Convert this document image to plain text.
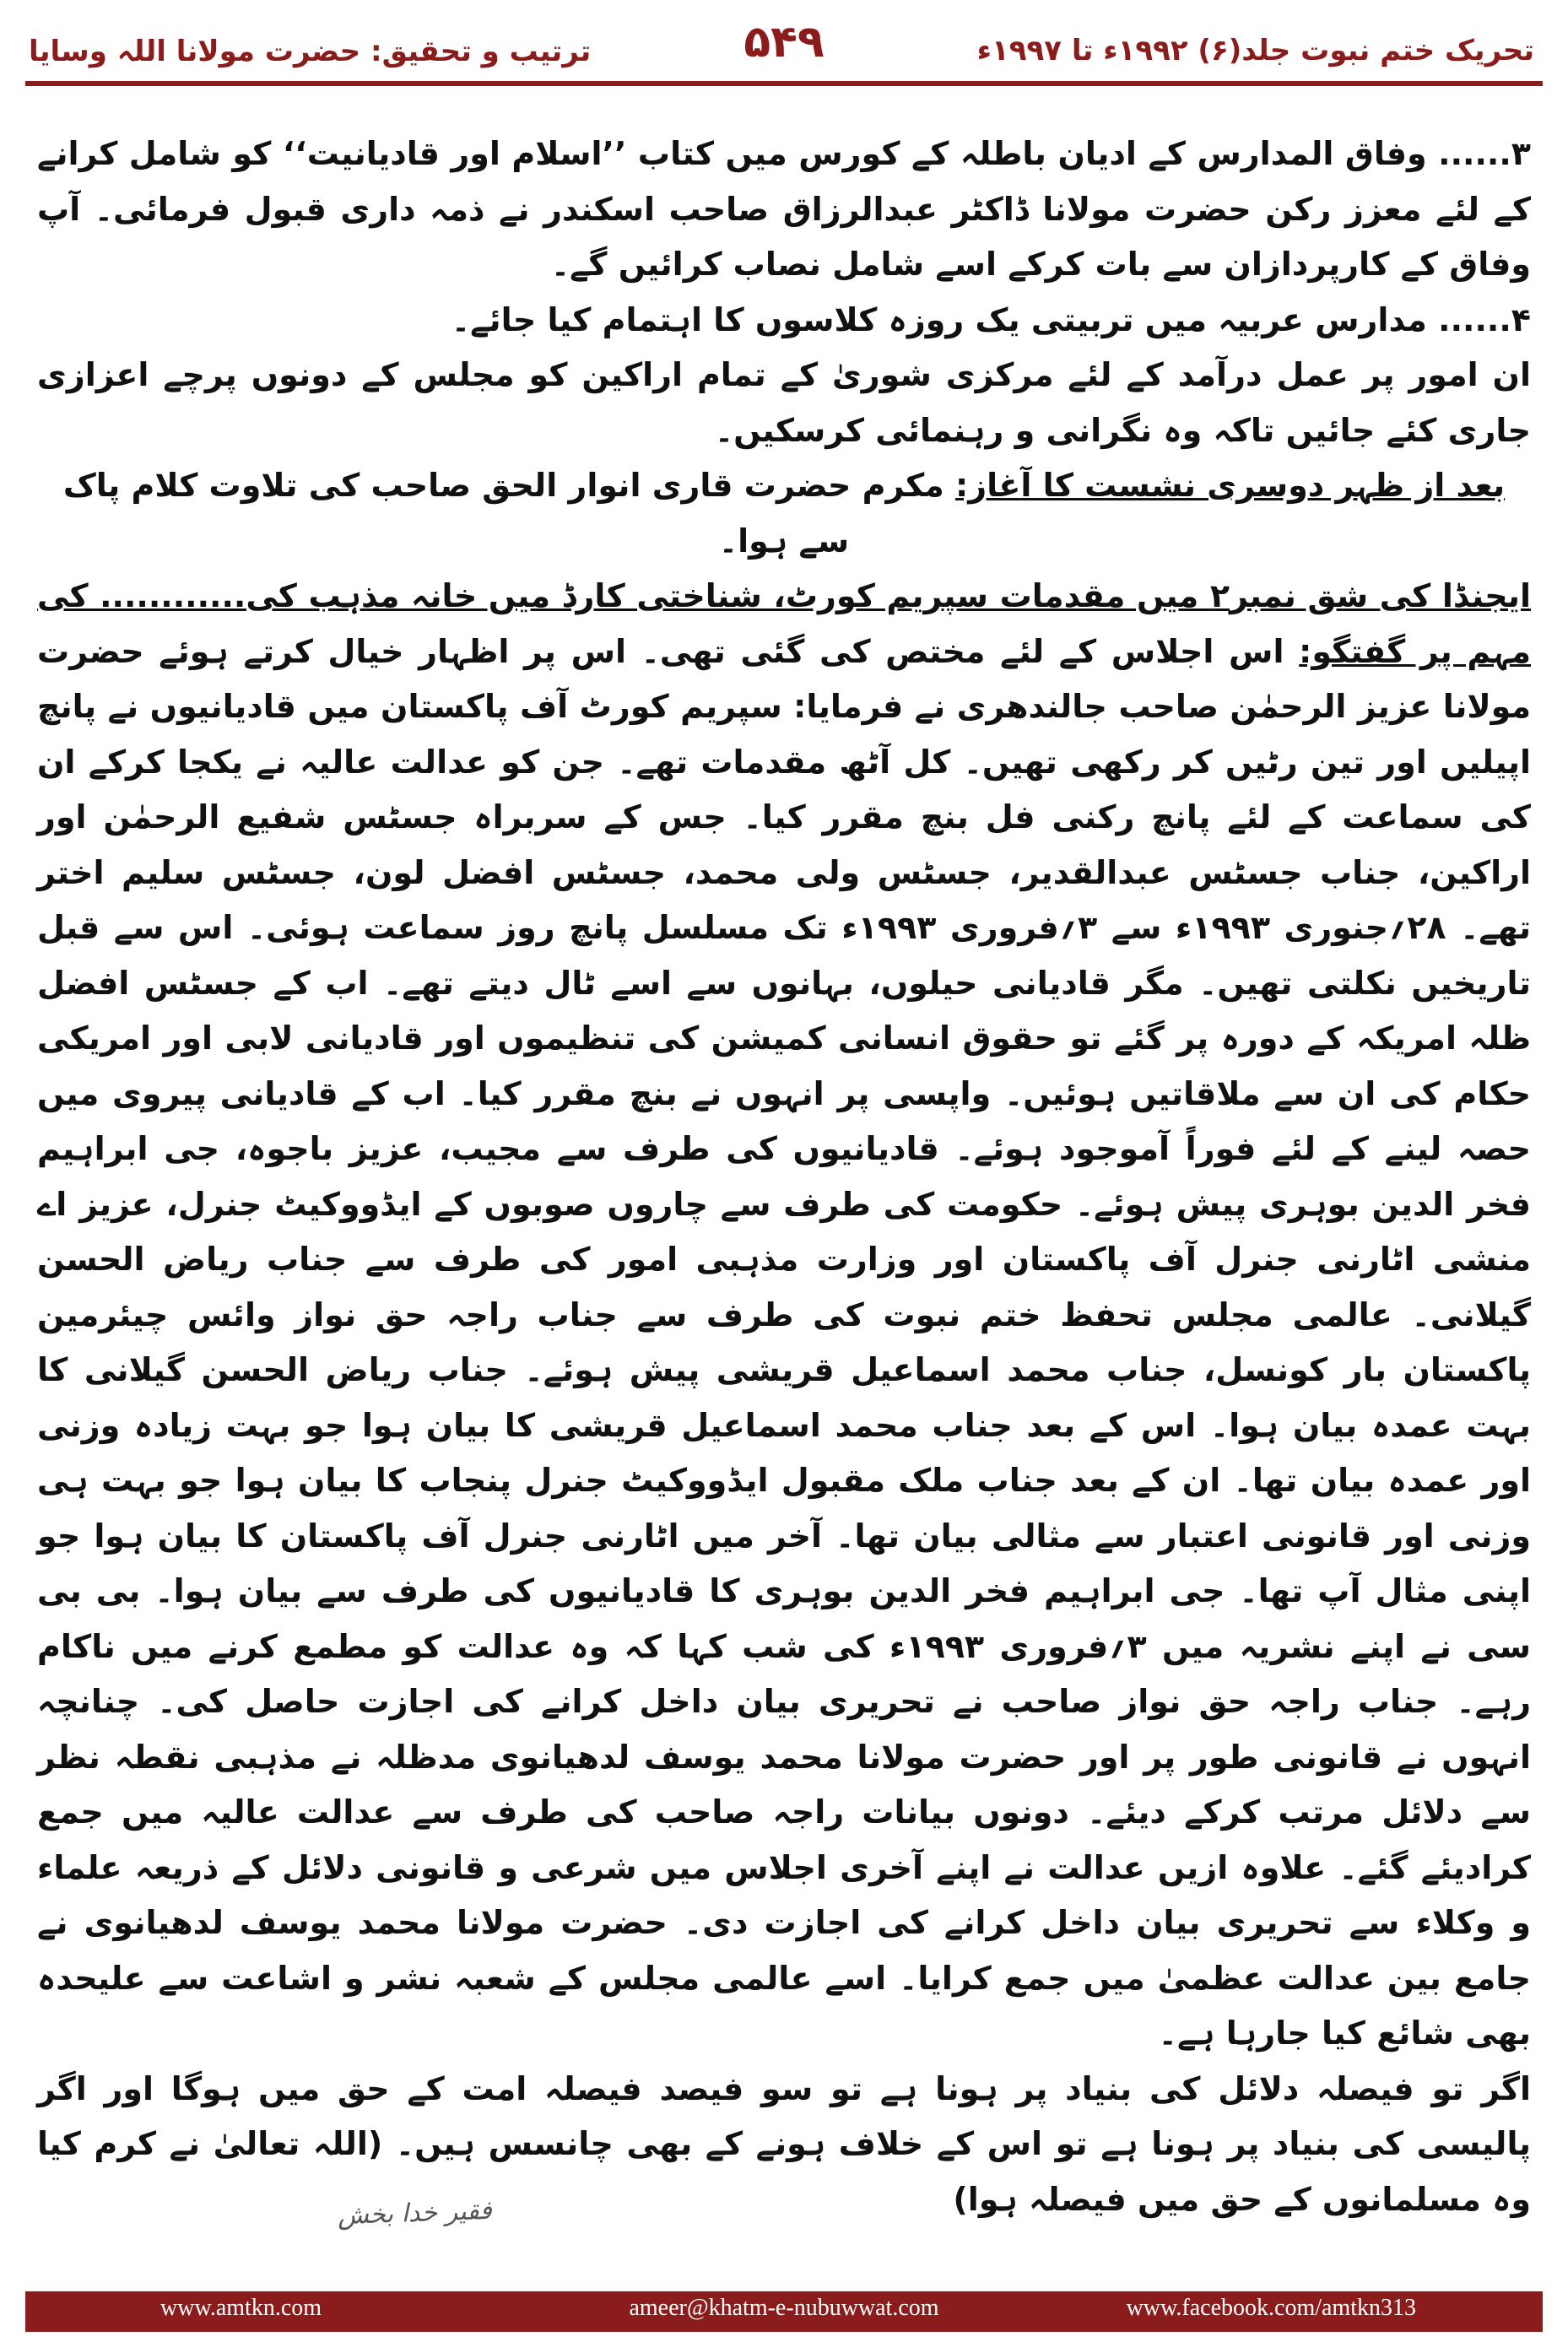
تحریک ختم نبوت جلد(۶) ۱۹۹۲ء تا ۱۹۹۷ء
۵۴۹
ترتیب و تحقیق: حضرت مولانا اللہ وسایا

۳...... وفاق المدارس کے ادیان باطلہ کے کورس میں کتاب ’’اسلام اور قادیانیت‘‘ کو شامل کرانے کے لئے معزز رکن حضرت مولانا ڈاکٹر عبدالرزاق صاحب اسکندر نے ذمہ داری قبول فرمائی۔ آپ وفاق کے کارپردازان سے بات کرکے اسے شامل نصاب کرائیں گے۔

۴...... مدارس عربیہ میں تربیتی یک روزہ کلاسوں کا اہتمام کیا جائے۔

ان امور پر عمل درآمد کے لئے مرکزی شوریٰ کے تمام اراکین کو مجلس کے دونوں پرچے اعزازی جاری کئے جائیں تاکہ وہ نگرانی و رہنمائی کرسکیں۔

بعد از ظہر دوسری نشست کا آغاز: مکرم حضرت قاری انوار الحق صاحب کی تلاوت کلام پاک سے ہوا۔

ایجنڈا کی شق نمبر۲ میں مقدمات سپریم کورٹ، شناختی کارڈ میں خانہ مذہب کی............ کی مہم پر گفتگو: اس اجلاس کے لئے مختص کی گئی تھی۔ اس پر اظہار خیال کرتے ہوئے حضرت مولانا عزیز الرحمٰن صاحب جالندھری نے فرمایا: سپریم کورٹ آف پاکستان میں قادیانیوں نے پانچ اپیلیں اور تین رٹیں کر رکھی تھیں۔ کل آٹھ مقدمات تھے۔ جن کو عدالت عالیہ نے یکجا کرکے ان کی سماعت کے لئے پانچ رکنی فل بنچ مقرر کیا۔ جس کے سربراہ جسٹس شفیع الرحمٰن اور اراکین، جناب جسٹس عبدالقدیر، جسٹس ولی محمد، جسٹس افضل لون، جسٹس سلیم اختر تھے۔ ۲۸؍جنوری ۱۹۹۳ء سے ۳؍فروری ۱۹۹۳ء تک مسلسل پانچ روز سماعت ہوئی۔ اس سے قبل تاریخیں نکلتی تھیں۔ مگر قادیانی حیلوں، بہانوں سے اسے ٹال دیتے تھے۔ اب کے جسٹس افضل ظلہ امریکہ کے دورہ پر گئے تو حقوق انسانی کمیشن کی تنظیموں اور قادیانی لابی اور امریکی حکام کی ان سے ملاقاتیں ہوئیں۔ واپسی پر انہوں نے بنچ مقرر کیا۔ اب کے قادیانی پیروی میں حصہ لینے کے لئے فوراً آموجود ہوئے۔ قادیانیوں کی طرف سے مجیب، عزیز باجوہ، جی ابراہیم فخر الدین بوہری پیش ہوئے۔ حکومت کی طرف سے چاروں صوبوں کے ایڈووکیٹ جنرل، عزیز اے منشی اٹارنی جنرل آف پاکستان اور وزارت مذہبی امور کی طرف سے جناب ریاض الحسن گیلانی۔ عالمی مجلس تحفظ ختم نبوت کی طرف سے جناب راجہ حق نواز وائس چیئرمین پاکستان بار کونسل، جناب محمد اسماعیل قریشی پیش ہوئے۔ جناب ریاض الحسن گیلانی کا بہت عمدہ بیان ہوا۔ اس کے بعد جناب محمد اسماعیل قریشی کا بیان ہوا جو بہت زیادہ وزنی اور عمدہ بیان تھا۔ ان کے بعد جناب ملک مقبول ایڈووکیٹ جنرل پنجاب کا بیان ہوا جو بہت ہی وزنی اور قانونی اعتبار سے مثالی بیان تھا۔ آخر میں اٹارنی جنرل آف پاکستان کا بیان ہوا جو اپنی مثال آپ تھا۔ جی ابراہیم فخر الدین بوہری کا قادیانیوں کی طرف سے بیان ہوا۔ بی بی سی نے اپنے نشریہ میں ۳؍فروری ۱۹۹۳ء کی شب کہا کہ وہ عدالت کو مطمع کرنے میں ناکام رہے۔ جناب راجہ حق نواز صاحب نے تحریری بیان داخل کرانے کی اجازت حاصل کی۔ چنانچہ انہوں نے قانونی طور پر اور حضرت مولانا محمد یوسف لدھیانوی مدظلہ نے مذہبی نقطہ نظر سے دلائل مرتب کرکے دیئے۔ دونوں بیانات راجہ صاحب کی طرف سے عدالت عالیہ میں جمع کرادیئے گئے۔ علاوہ ازیں عدالت نے اپنے آخری اجلاس میں شرعی و قانونی دلائل کے ذریعہ علماء و وکلاء سے تحریری بیان داخل کرانے کی اجازت دی۔ حضرت مولانا محمد یوسف لدھیانوی نے جامع بین عدالت عظمیٰ میں جمع کرایا۔ اسے عالمی مجلس کے شعبہ نشر و اشاعت سے علیحدہ بھی شائع کیا جارہا ہے۔

اگر تو فیصلہ دلائل کی بنیاد پر ہونا ہے تو سو فیصد فیصلہ امت کے حق میں ہوگا اور اگر پالیسی کی بنیاد پر ہونا ہے تو اس کے خلاف ہونے کے بھی چانسس ہیں۔ (اللہ تعالیٰ نے کرم کیا وہ مسلمانوں کے حق میں فیصلہ ہوا)

فقیر خدا بخش
www.amtkn.com	ameer@khatm-e-nubuwwat.com	www.facebook.com/amtkn313
